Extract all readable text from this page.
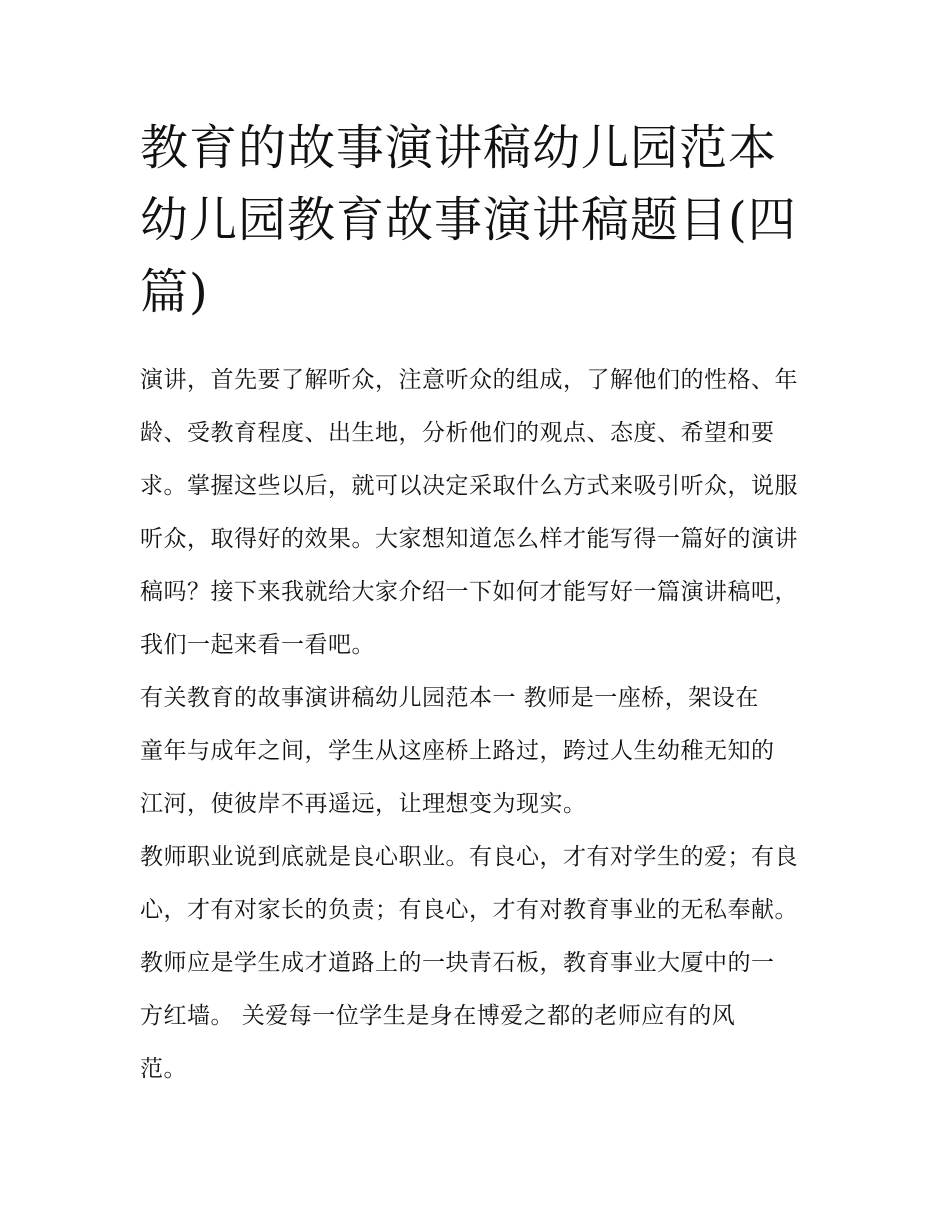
教育的故事演讲稿幼儿园范本幼儿园教育故事演讲稿题目(四篇)

演讲，首先要了解听众，注意听众的组成，了解他们的性格、年龄、受教育程度、出生地，分析他们的观点、态度、希望和要求。掌握这些以后，就可以决定采取什么方式来吸引听众，说服听众，取得好的效果。大家想知道怎么样才能写得一篇好的演讲稿吗？接下来我就给大家介绍一下如何才能写好一篇演讲稿吧，我们一起来看一看吧。

有关教育的故事演讲稿幼儿园范本一 教师是一座桥，架设在童年与成年之间，学生从这座桥上路过，跨过人生幼稚无知的江河，使彼岸不再遥远，让理想变为现实。

教师职业说到底就是良心职业。有良心，才有对学生的爱；有良心，才有对家长的负责；有良心，才有对教育事业的无私奉献。

教师应是学生成才道路上的一块青石板，教育事业大厦中的一方红墙。 关爱每一位学生是身在博爱之都的老师应有的风范。
